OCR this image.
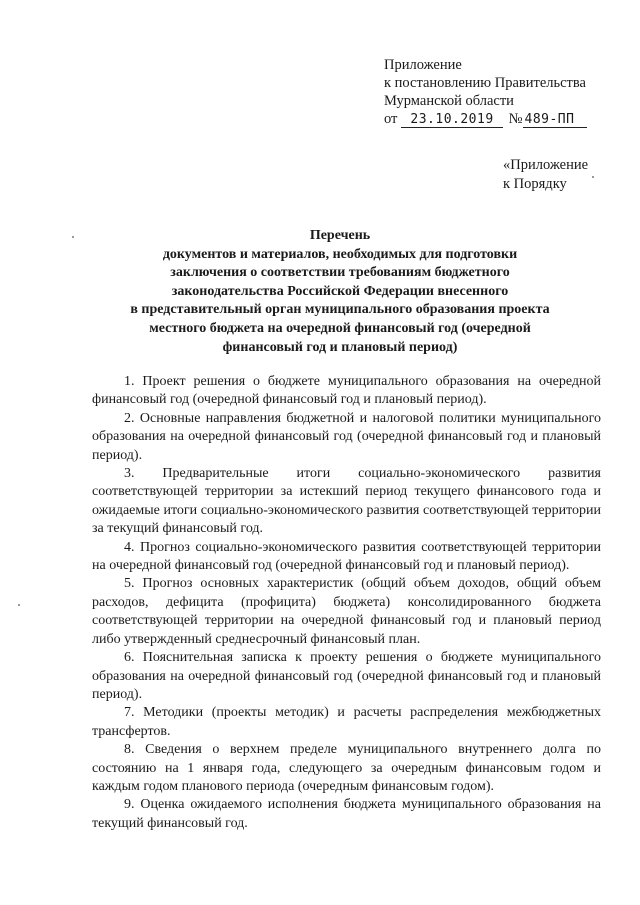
Приложение
к постановлению Правительства
Мурманской области
от 23.10.2019 № 489-ПП
«Приложение
к Порядку
Перечень
документов и материалов, необходимых для подготовки
заключения о соответствии требованиям бюджетного
законодательства Российской Федерации внесенного
в представительный орган муниципального образования проекта
местного бюджета на очередной финансовый год (очередной
финансовый год и плановый период)

1. Проект решения о бюджете муниципального образования на очередной финансовый год (очередной финансовый год и плановый период).

2. Основные направления бюджетной и налоговой политики муниципального образования на очередной финансовый год (очередной финансовый год и плановый период).

3. Предварительные итоги социально-экономического развития соответствующей территории за истекший период текущего финансового года и ожидаемые итоги социально-экономического развития соответствующей территории за текущий финансовый год.

4. Прогноз социально-экономического развития соответствующей территории на очередной финансовый год (очередной финансовый год и плановый период).

5. Прогноз основных характеристик (общий объем доходов, общий объем расходов, дефицита (профицита) бюджета) консолидированного бюджета соответствующей территории на очередной финансовый год и плановый период либо утвержденный среднесрочный финансовый план.

6. Пояснительная записка к проекту решения о бюджете муниципального образования на очередной финансовый год (очередной финансовый год и плановый период).

7. Методики (проекты методик) и расчеты распределения межбюджетных трансфертов.

8. Сведения о верхнем пределе муниципального внутреннего долга по состоянию на 1 января года, следующего за очередным финансовым годом и каждым годом планового периода (очередным финансовым годом).

9. Оценка ожидаемого исполнения бюджета муниципального образования на текущий финансовый год.
